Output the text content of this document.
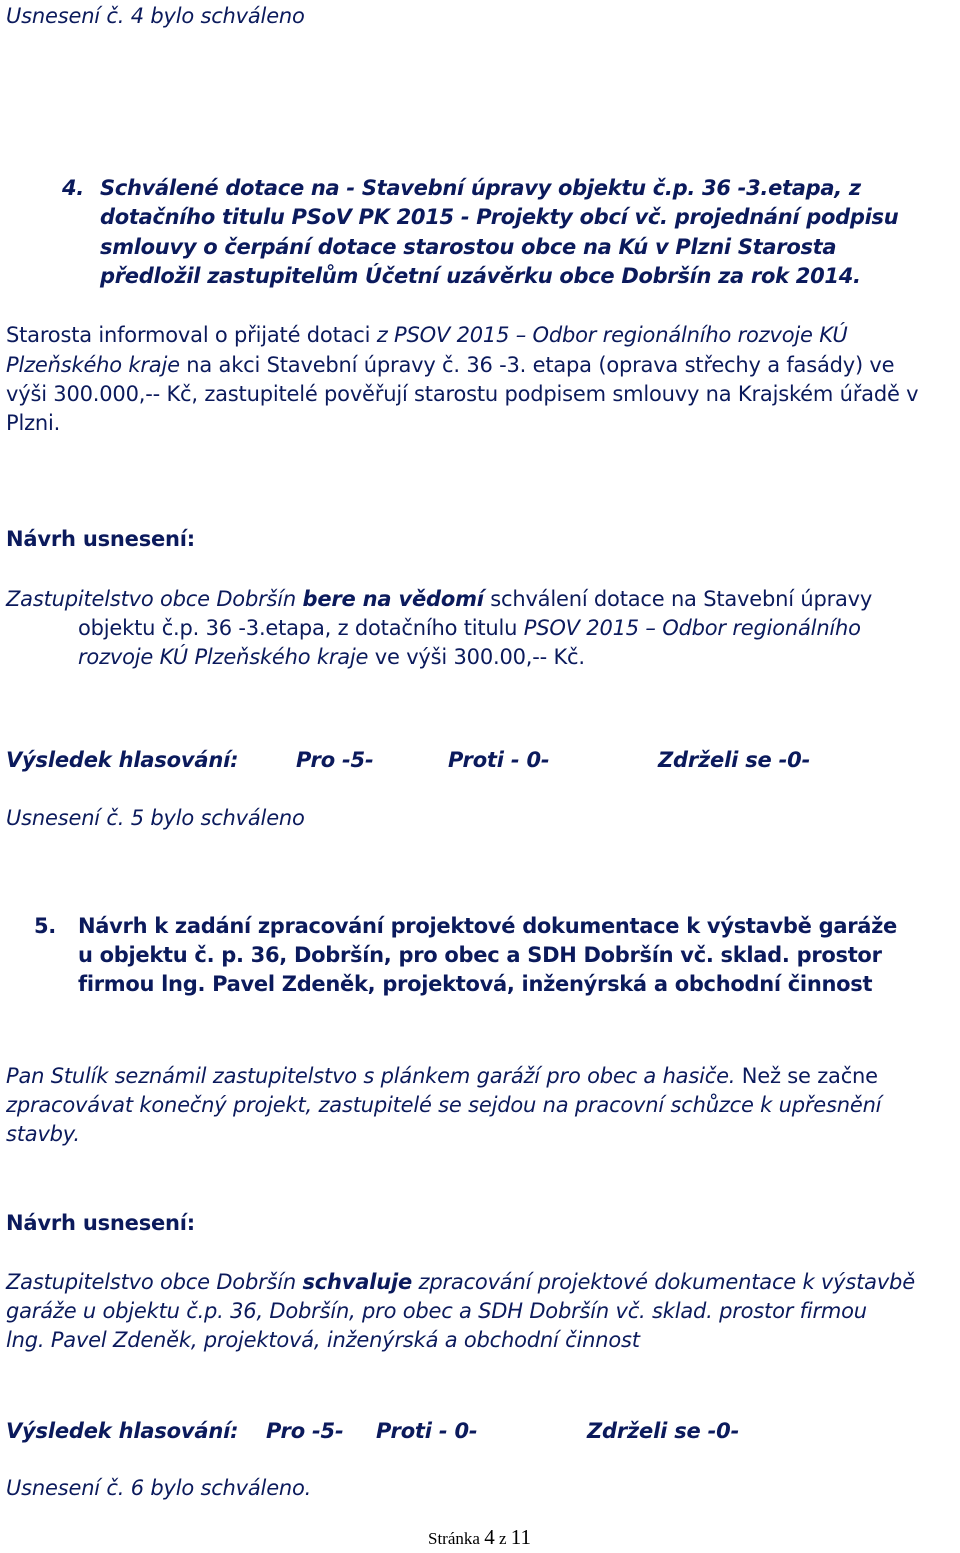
Usnesení č. 4 bylo schváleno
4. Schválené dotace na - Stavební úpravy objektu č.p. 36 -3.etapa, z
dotačního titulu PSoV PK 2015 - Projekty obcí vč. projednání podpisu
smlouvy o čerpání dotace starostou obce na Kú v Plzni Starosta
předložil zastupitelům Účetní uzávěrku obce Dobršín za rok 2014.
Starosta informoval o přijaté dotaci z PSOV 2015 – Odbor regionálního rozvoje KÚ
Plzeňského kraje na akci Stavební úpravy č. 36 -3. etapa (oprava střechy a fasády) ve
výši 300.000,-- Kč, zastupitelé pověřují starostu podpisem smlouvy na Krajském úřadě v
Plzni.
Návrh usnesení:
Zastupitelstvo obce Dobršín bere na vědomí schválení dotace na Stavební úpravy
objektu č.p. 36 -3.etapa, z dotačního titulu PSOV 2015 – Odbor regionálního
rozvoje KÚ Plzeňského kraje ve výši 300.00,-- Kč.
Výsledek hlasování:	Pro -5-	Proti - 0-	Zdrželi se -0-
Usnesení č. 5 bylo schváleno
5. Návrh k zadání zpracování projektové dokumentace k výstavbě garáže
u objektu č. p. 36, Dobršín, pro obec a SDH Dobršín vč. sklad. prostor
firmou lng. Pavel Zdeněk, projektová, inženýrská a obchodní činnost
Pan Stulík seznámil zastupitelstvo s plánkem garáží pro obec a hasiče. Než se začne
zpracovávat konečný projekt, zastupitelé se sejdou na pracovní schůzce k upřesnění
stavby.
Návrh usnesení:
Zastupitelstvo obce Dobršín schvaluje zpracování projektové dokumentace k výstavbě
garáže u objektu č.p. 36, Dobršín, pro obec a SDH Dobršín vč. sklad. prostor firmou
lng. Pavel Zdeněk, projektová, inženýrská a obchodní činnost
Výsledek hlasování: Pro -5- Proti - 0-	Zdrželi se -0-
Usnesení č. 6 bylo schváleno.
Stránka 4 z 11
